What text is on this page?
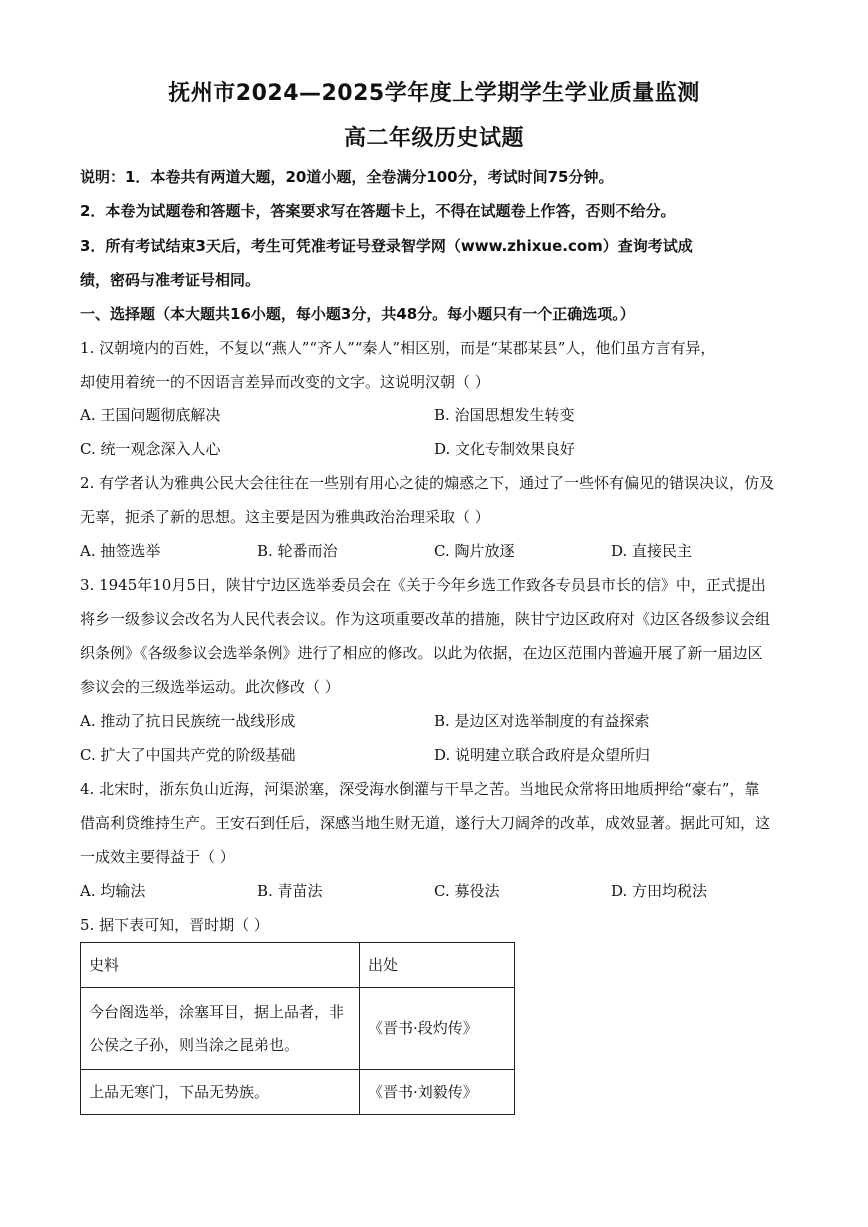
抚州市2024—2025学年度上学期学生学业质量监测
高二年级历史试题
说明：1．本卷共有两道大题，20道小题，全卷满分100分，考试时间75分钟。
2．本卷为试题卷和答题卡，答案要求写在答题卡上，不得在试题卷上作答，否则不给分。
3．所有考试结束3天后，考生可凭准考证号登录智学网（www.zhixue.com）查询考试成
绩，密码与准考证号相同。
一、选择题（本大题共16小题，每小题3分，共48分。每小题只有一个正确选项。）
1. 汉朝境内的百姓，不复以“燕人”“齐人”“秦人”相区别，而是“某郡某县”人，他们虽方言有异，
却使用着统一的不因语言差异而改变的文字。这说明汉朝（ ）
A. 王国问题彻底解决	B. 治国思想发生转变
C. 统一观念深入人心	D. 文化专制效果良好
2. 有学者认为雅典公民大会往往在一些别有用心之徒的煽惑之下，通过了一些怀有偏见的错误决议，仿及
无辜，扼杀了新的思想。这主要是因为雅典政治治理采取（ ）
A. 抽签选举	B. 轮番而治	C. 陶片放逐	D. 直接民主
3. 1945年10月5日，陕甘宁边区选举委员会在《关于今年乡选工作致各专员县市长的信》中，正式提出
将乡一级参议会改名为人民代表会议。作为这项重要改革的措施，陕甘宁边区政府对《边区各级参议会组
织条例》《各级参议会选举条例》进行了相应的修改。以此为依据，在边区范围内普遍开展了新一届边区
参议会的三级选举运动。此次修改（ ）
A. 推动了抗日民族统一战线形成	B. 是边区对选举制度的有益探索
C. 扩大了中国共产党的阶级基础	D. 说明建立联合政府是众望所归
4. 北宋时，浙东负山近海，河渠淤塞，深受海水倒灌与干旱之苦。当地民众常将田地质押给“豪右”，靠
借高利贷维持生产。王安石到任后，深感当地生财无道，遂行大刀阔斧的改革，成效显著。据此可知，这
一成效主要得益于（ ）
A. 均输法	B. 青苗法	C. 募役法	D. 方田均税法
5. 据下表可知，晋时期（ ）
史料	出处

今台阁选举，涂塞耳目，据上品者，非
公侯之子孙，则当涂之昆弟也。	《晋书·段灼传》

上品无寒门，下品无势族。	《晋书·刘毅传》
